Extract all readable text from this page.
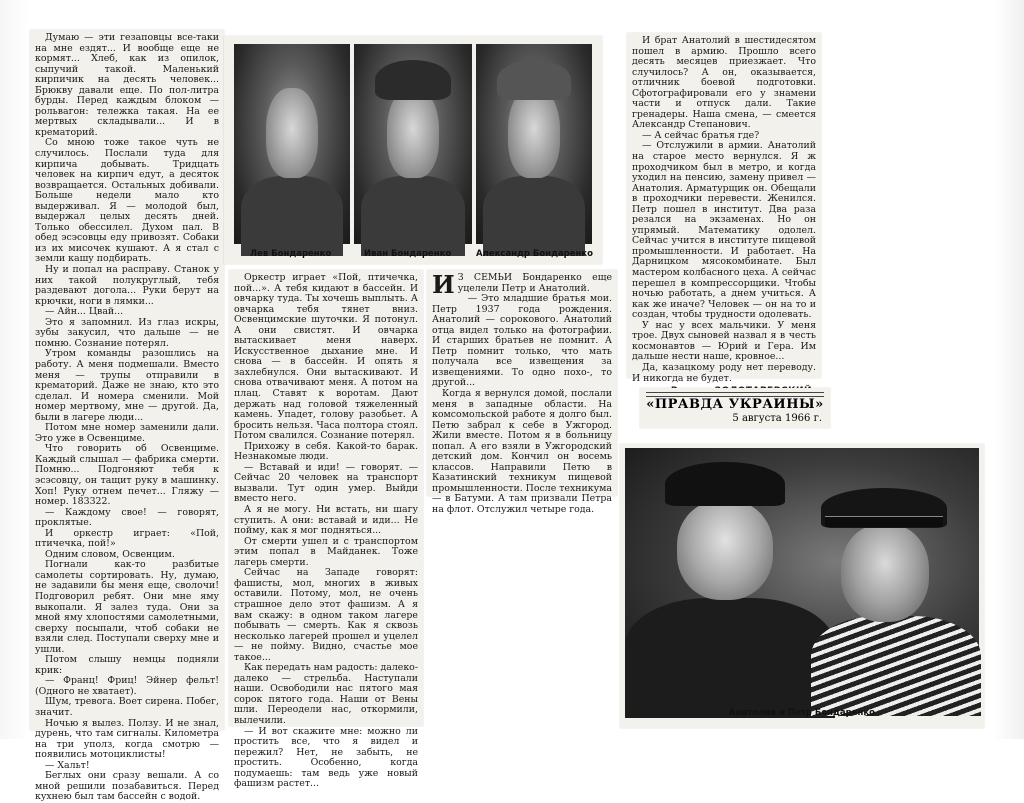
Думаю — эти гезаповцы все-таки на мне ездят... И вообще еще не кормят... Хлеб, как из опилок, сыпучий такой. Маленький кирпичик на десять человек... Брюкву давали еще. По пол-литра бурды. Перед каждым блоком — рольвагон: тележка такая. На ее мертвых складывали... И в крематорий.

Со мною тоже такое чуть не случилось. Послали туда для кирпича добывать. Тридцать человек на кирпич едут, а десяток возвращается. Остальных добивали. Больше недели мало кто выдерживал. Я — молодой был, выдержал целых десять дней. Только обессилел. Духом пал. В обед эсэсовцы еду привозят. Собаки из их мисочек кушают. А я стал с земли кашу подбирать.

Ну и попал на расправу. Станок у них такой полукруглый, тебя раздевают догола... Руки берут на крючки, ноги в лямки...

— Айн... Цвай...

Это я запомнил. Из глаз искры, зубы закусил, что дальше — не помню. Сознание потерял.

Утром команды разошлись на работу. А меня подмешали. Вместо меня — трупы отправили в крематорий. Даже не знаю, кто это сделал. И номера сменили. Мой номер мертвому, мне — другой. Да, были в лагере люди...

Потом мне номер заменили дали. Это уже в Освенциме.

Что говорить об Освенциме. Каждый слышал — фабрика смерти. Помню... Подгоняют тебя к эсэсовцу, он тащит руку в машинку. Хоп! Руку отнем печет... Гляжу — номер. 183322.

— Каждому свое! — говорят, проклятые.

И оркестр играет: «Пой, птичечка, пой!»

Одним словом, Освенцим.

Погнали как-то разбитые самолеты сортировать. Ну, думаю, не задавили бы меня еще, сволочи! Подговорил ребят. Они мне яму выкопали. Я залез туда. Они за мной яму хлопостями самолетными, сверху посыпали, чтоб собаки не взяли след. Поступали сверху мне и ушли.

Потом слышу немцы подняли крик:

— Франц! Фриц! Эйнер фельт! (Одного не хватает).

Шум, тревога. Воет сирена. Побег, значит.

Ночью я вылез. Ползу. И не знал, дурень, что там сигналы. Километра на три уполз, когда смотрю — появились мотоциклисты!

— Хальт!

Беглых они сразу вешали. А со мной решили позабавиться. Перед кухнею был там бассейн с водой.

Лев Бондаренко	Иван Бондаренко	Александр Бондаренко

Оркестр играет «Пой, птичечка, пой...». А тебя кидают в бассейн. И овчарку туда. Ты хочешь выплыть. А овчарка тебя тянет вниз. Освенцимские шуточки. Я потонул. А они свистят. И овчарка вытаскивает меня наверх. Искусственное дыхание мне. И снова — в бассейн. И опять я захлебнулся. Они вытаскивают. И снова отвачивают меня. А потом на плац. Ставят к воротам. Дают держать над головой тяжеленный камень. Упадет, голову разобьет. А бросить нельзя. Часа полтора стоял. Потом свалился. Сознание потерял.

Прихожу в себя. Какой-то барак. Незнакомые люди.

— Вставай и иди! — говорят. — Сейчас 20 человек на транспорт вызвали. Тут один умер. Выйди вместо него.

А я не могу. Ни встать, ни шагу ступить. А они: вставай и иди... Не пойму, как я мог подняться...

От смерти ушел и с транспортом этим попал в Майданек. Тоже лагерь смерти.

Сейчас на Западе говорят: фашисты, мол, многих в живых оставили. Потому, мол, не очень страшное дело этот фашизм. А я вам скажу: в одном таком лагере побывать — смерть. Как я сквозь несколько лагерей прошел и уцелел — не пойму. Видно, счастье мое такое...

Как передать нам радость: далеко-далеко — стрельба. Наступали наши. Освободили нас пятого мая сорок пятого года. Наши от Вены шли. Переодели нас, откормили, вылечили.

— И вот скажите мне: можно ли простить все, что я видел и пережил? Нет, не забыть, не простить. Особенно, когда подумаешь: там ведь уже новый фашизм растет...

И З СЕМЬИ Бондаренко еще уцелели Петр и Анатолий.

— Это младшие братья мои. Петр 1937 года рождения. Анатолий — сорокового. Анатолий отца видел только на фотографии. И старших братьев не помнит. А Петр помнит только, что мать получала все извещения за извещениями. То одно похо-, то другой...

Когда я вернулся домой, послали меня в западные области. На комсомольской работе я долго был. Петю забрал к себе в Ужгород. Жили вместе. Потом я в больницу попал. А его взяли в Ужгородский детский дом. Кончил он восемь классов. Направили Петю в Казатинский техникум пищевой промышленности. После техникума — в Батуми. А там призвали Петра на флот. Отслужил четыре года.

И брат Анатолий в шестидесятом пошел в армию. Прошло всего десять месяцев приезжает. Что случилось? А он, оказывается, отличник боевой подготовки. Сфотографировали его у знамени части и отпуск дали. Такие гренадеры. Наша смена, — смеется Александр Степанович.

— А сейчас братья где?

— Отслужили в армии. Анатолий на старое место вернулся. Я ж проходчиком был в метро, и когда уходил на пенсию, замену привел — Анатолия. Арматурщик он. Обещали в проходчики перевести. Женился. Петр пошел в институт. Два раза резался на экзаменах. Но он упрямый. Математику одолел. Сейчас учится в институте пищевой промышленности. И работает. На Дарницком мясокомбинате. Был мастером колбасного цеха. А сейчас перешел в компрессорщики. Чтобы ночью работать, а днем учиться. А как же иначе? Человек — он на то и создан, чтобы трудности одолевать.

У нас у всех мальчики. У меня трое. Двух сыновей назвал я в честь космонавтов — Юрий и Гера. Им дальше нести наше, кровное...

Да, казацкому роду нет переводу. И никогда не будет.

«ПРАВДА УКРАИНЫ»
5 августа 1966 г.
Анатолий и Петр Бондаренко
